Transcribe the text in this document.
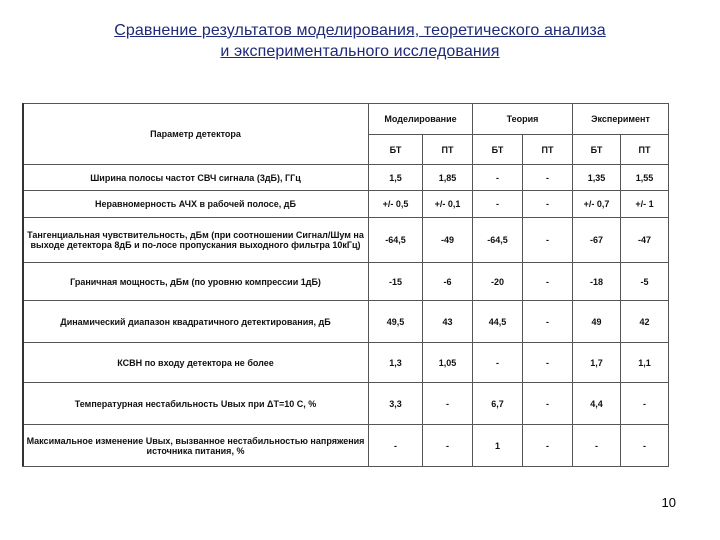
Сравнение результатов моделирования, теоретического анализа
и экспериментального исследования
Параметр детектора	Моделирование		Теория		Эксперимент	
	БТ	ПТ	БТ	ПТ	БТ	ПТ
Ширина полосы частот СВЧ сигнала (3дБ), ГГц	1,5	1,85	-	-	1,35	1,55
Неравномерность АЧХ в рабочей полосе, дБ	+/- 0,5	+/- 0,1	-	-	+/- 0,7	+/- 1
Тангенциальная чувствительность, дБм (при соотношении Сигнал/Шум на выходе детектора 8дБ и по-лосе пропускания выходного фильтра 10кГц)	-64,5	-49	-64,5	-	-67	-47
Граничная мощность, дБм (по уровню компрессии 1дБ)	-15	-6	-20	-	-18	-5
Динамический диапазон квадратичного детектирования, дБ	49,5	43	44,5	-	49	42
КСВН по входу детектора не более	1,3	1,05	-	-	1,7	1,1
Температурная нестабильность Uвых при ΔT=10 С, %	3,3	-	6,7	-	4,4	-
Максимальное изменение Uвых, вызванное нестабильностью напряжения источника питания, %	-	-	1	-	-	-
10
